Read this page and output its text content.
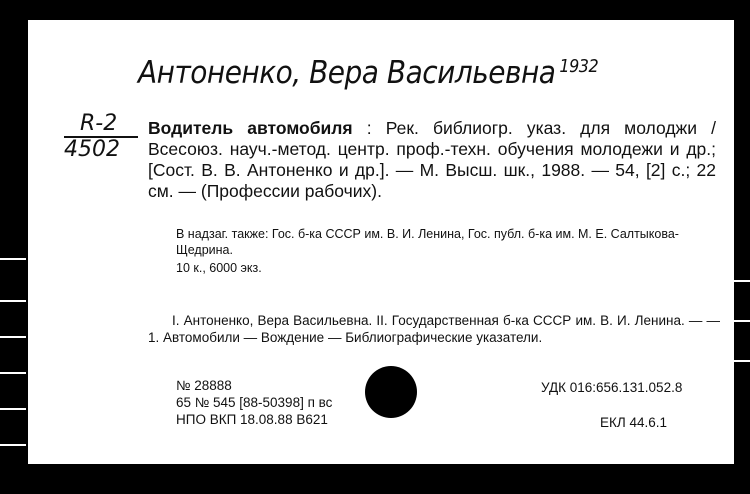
Антоненко, Вера Васильевна $^{1932}$
R-2
4502
Водитель автомобиля : Рек. библиогр. указ. для молоджи / Всесоюз. науч.-метод. центр. проф.-техн. обучения молодежи и др.; [Сост. В. В. Антоненко и др.]. — М. Высш. шк., 1988. — 54, [2] с.; 22 см. — (Профессии рабочих).
В надзаг. также: Гос. б-ка СССР им. В. И. Ленина, Гос. публ. б-ка им. М. Е. Салтыкова-Щедрина.
10 к., 6000 экз.
I. Антоненко, Вера Васильевна. II. Государственная б-ка СССР им. В. И. Ленина. — — 1. Автомобили — Вождение — Библиографические указатели.
УДК 016:656.131.052.8
ЕКЛ 44.6.1
№ 28888
65 № 545 [88-50398] п вс
НПО ВКП 18.08.88 В621
